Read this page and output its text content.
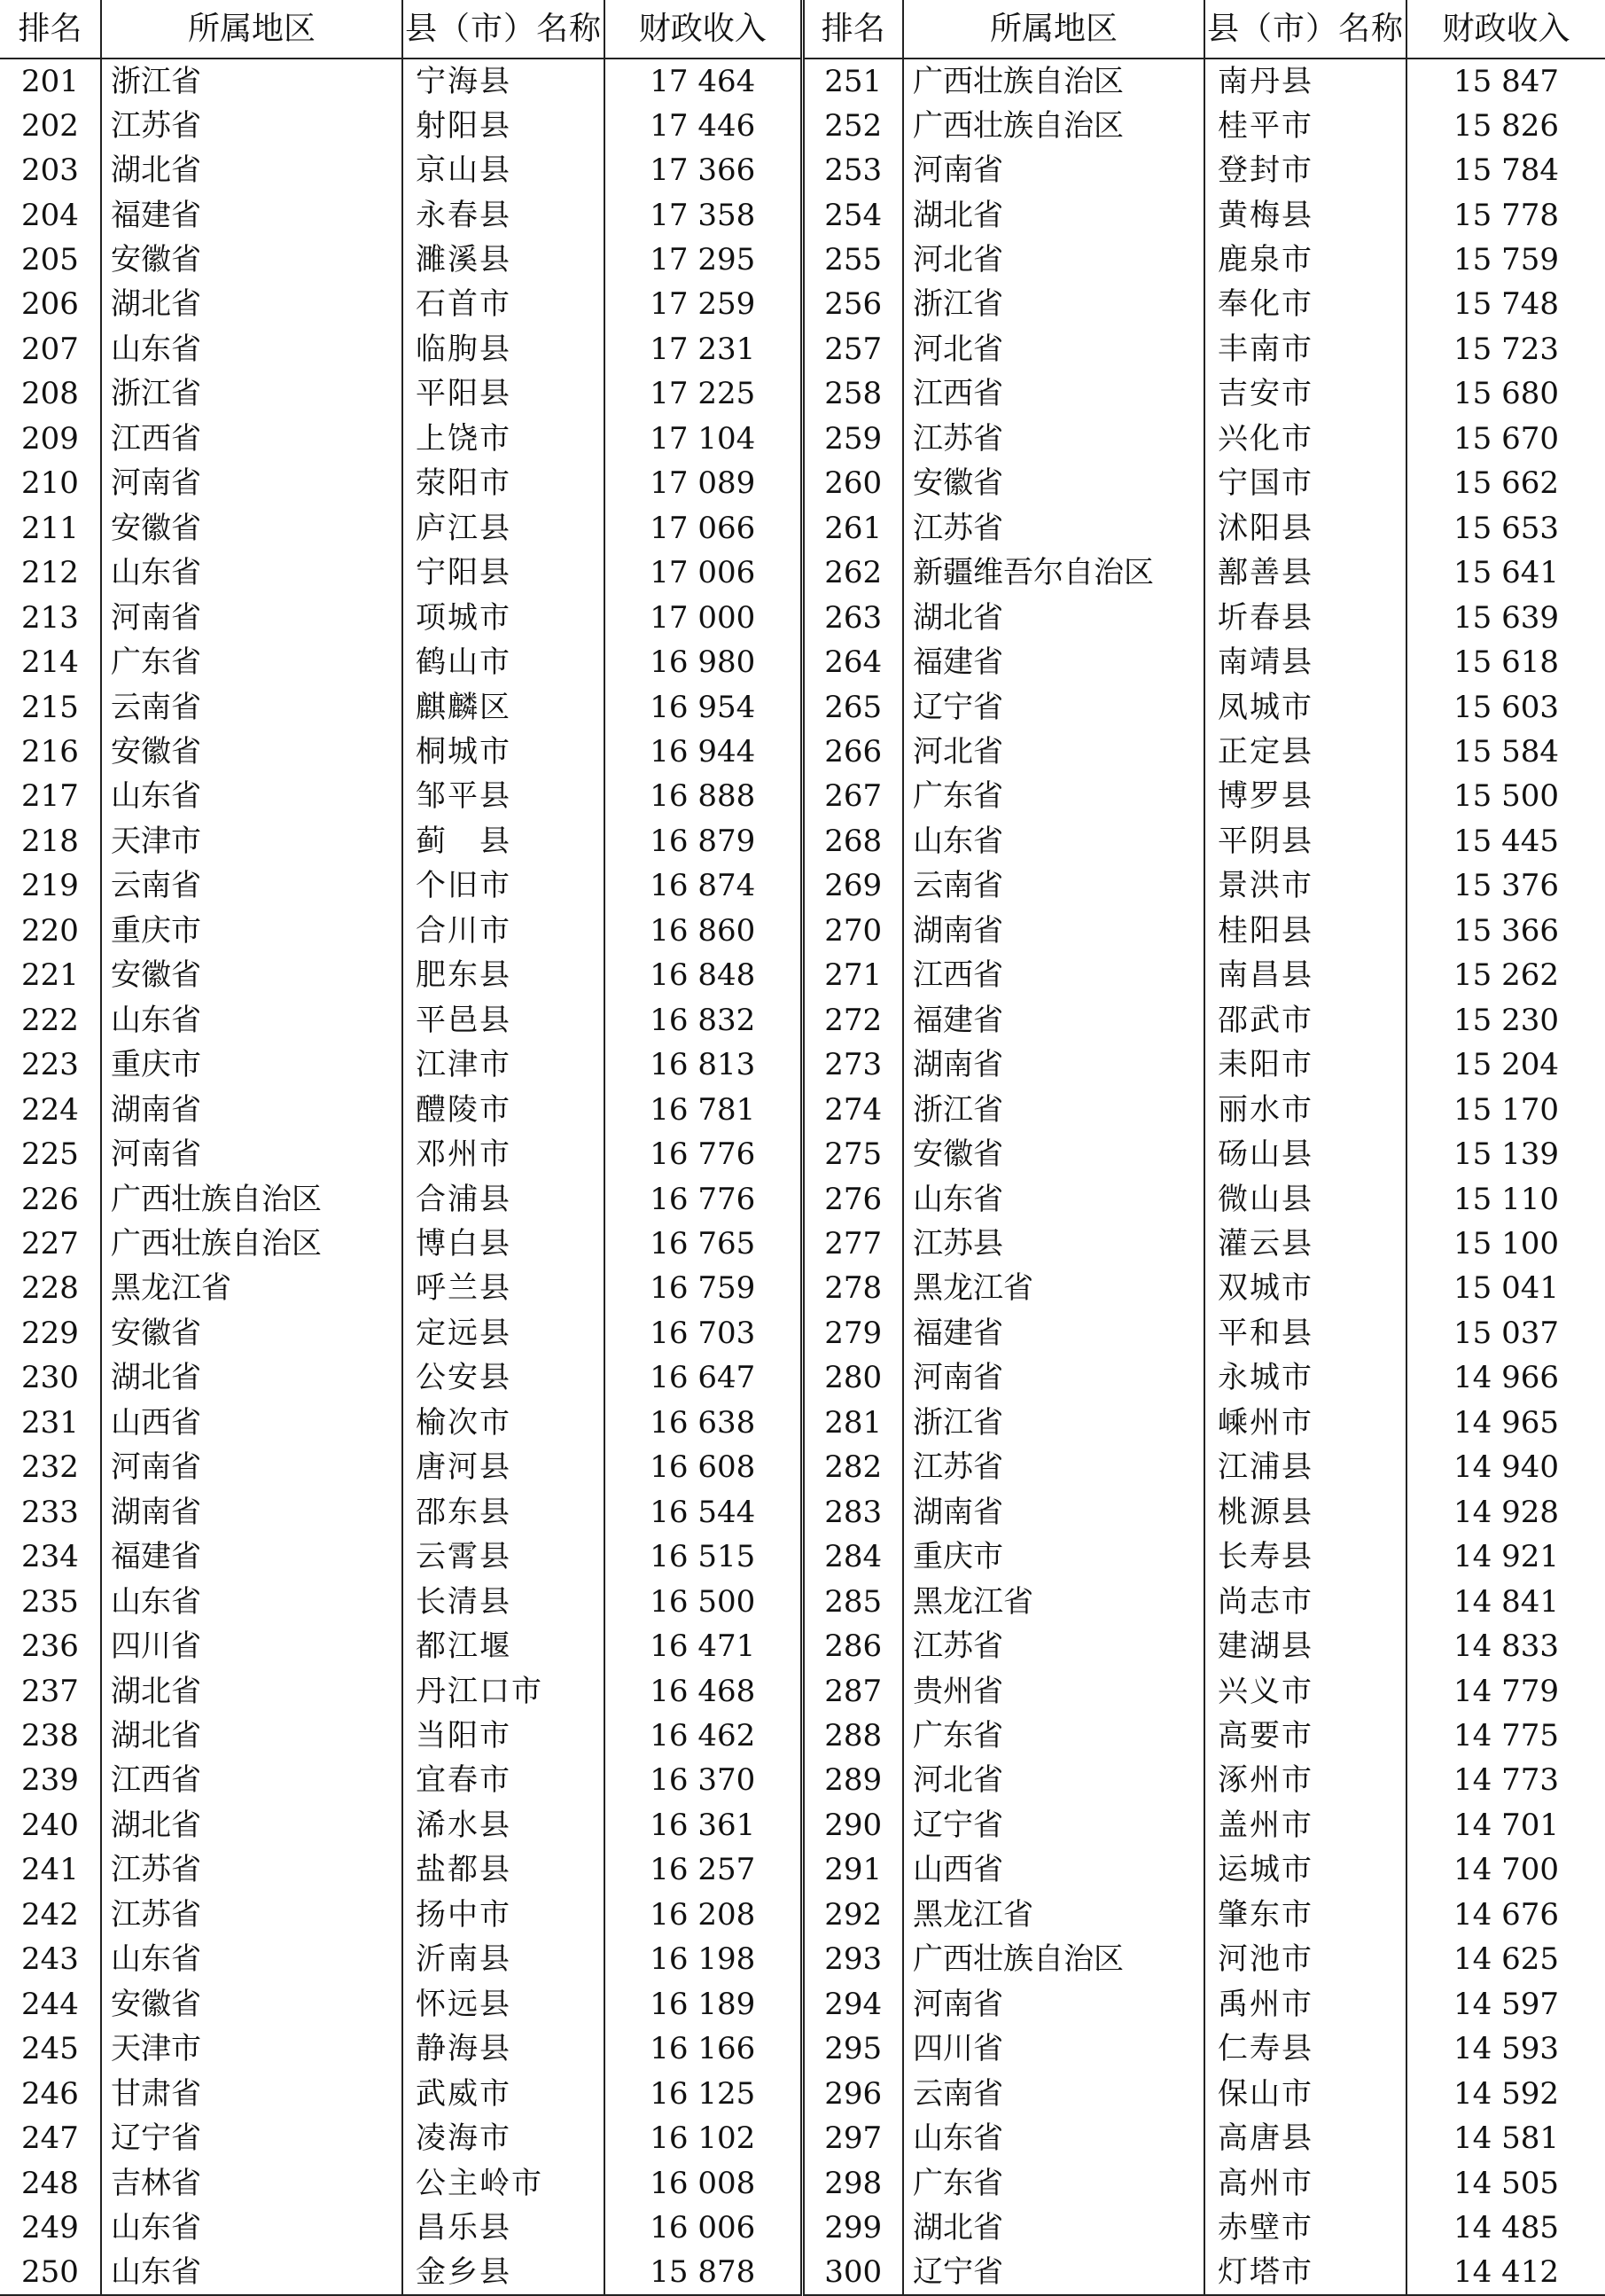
排名	所属地区	县（市）名称	财政收入	排名	所属地区	县（市）名称	财政收入
201	浙江省	宁海县	17 464	251	广西壮族自治区	南丹县	15 847
202	江苏省	射阳县	17 446	252	广西壮族自治区	桂平市	15 826
203	湖北省	京山县	17 366	253	河南省	登封市	15 784
204	福建省	永春县	17 358	254	湖北省	黄梅县	15 778
205	安徽省	濉溪县	17 295	255	河北省	鹿泉市	15 759
206	湖北省	石首市	17 259	256	浙江省	奉化市	15 748
207	山东省	临朐县	17 231	257	河北省	丰南市	15 723
208	浙江省	平阳县	17 225	258	江西省	吉安市	15 680
209	江西省	上饶市	17 104	259	江苏省	兴化市	15 670
210	河南省	荥阳市	17 089	260	安徽省	宁国市	15 662
211	安徽省	庐江县	17 066	261	江苏省	沭阳县	15 653
212	山东省	宁阳县	17 006	262	新疆维吾尔自治区	鄯善县	15 641
213	河南省	项城市	17 000	263	湖北省	圻春县	15 639
214	广东省	鹤山市	16 980	264	福建省	南靖县	15 618
215	云南省	麒麟区	16 954	265	辽宁省	凤城市	15 603
216	安徽省	桐城市	16 944	266	河北省	正定县	15 584
217	山东省	邹平县	16 888	267	广东省	博罗县	15 500
218	天津市	蓟　县	16 879	268	山东省	平阴县	15 445
219	云南省	个旧市	16 874	269	云南省	景洪市	15 376
220	重庆市	合川市	16 860	270	湖南省	桂阳县	15 366
221	安徽省	肥东县	16 848	271	江西省	南昌县	15 262
222	山东省	平邑县	16 832	272	福建省	邵武市	15 230
223	重庆市	江津市	16 813	273	湖南省	耒阳市	15 204
224	湖南省	醴陵市	16 781	274	浙江省	丽水市	15 170
225	河南省	邓州市	16 776	275	安徽省	砀山县	15 139
226	广西壮族自治区	合浦县	16 776	276	山东省	微山县	15 110
227	广西壮族自治区	博白县	16 765	277	江苏县	灌云县	15 100
228	黑龙江省	呼兰县	16 759	278	黑龙江省	双城市	15 041
229	安徽省	定远县	16 703	279	福建省	平和县	15 037
230	湖北省	公安县	16 647	280	河南省	永城市	14 966
231	山西省	榆次市	16 638	281	浙江省	嵊州市	14 965
232	河南省	唐河县	16 608	282	江苏省	江浦县	14 940
233	湖南省	邵东县	16 544	283	湖南省	桃源县	14 928
234	福建省	云霄县	16 515	284	重庆市	长寿县	14 921
235	山东省	长清县	16 500	285	黑龙江省	尚志市	14 841
236	四川省	都江堰	16 471	286	江苏省	建湖县	14 833
237	湖北省	丹江口市	16 468	287	贵州省	兴义市	14 779
238	湖北省	当阳市	16 462	288	广东省	高要市	14 775
239	江西省	宜春市	16 370	289	河北省	涿州市	14 773
240	湖北省	浠水县	16 361	290	辽宁省	盖州市	14 701
241	江苏省	盐都县	16 257	291	山西省	运城市	14 700
242	江苏省	扬中市	16 208	292	黑龙江省	肇东市	14 676
243	山东省	沂南县	16 198	293	广西壮族自治区	河池市	14 625
244	安徽省	怀远县	16 189	294	河南省	禹州市	14 597
245	天津市	静海县	16 166	295	四川省	仁寿县	14 593
246	甘肃省	武威市	16 125	296	云南省	保山市	14 592
247	辽宁省	凌海市	16 102	297	山东省	高唐县	14 581
248	吉林省	公主岭市	16 008	298	广东省	高州市	14 505
249	山东省	昌乐县	16 006	299	湖北省	赤壁市	14 485
250	山东省	金乡县	15 878	300	辽宁省	灯塔市	14 412
